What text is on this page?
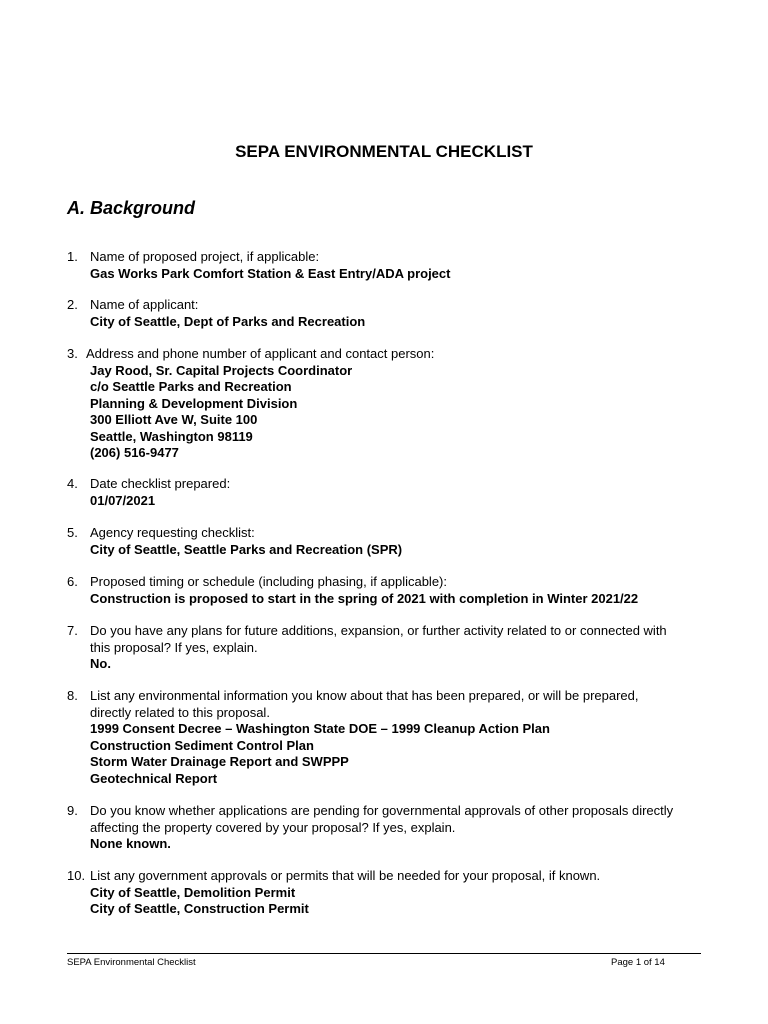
SEPA ENVIRONMENTAL CHECKLIST
A. Background
1. Name of proposed project, if applicable:
Gas Works Park Comfort Station & East Entry/ADA project
2. Name of applicant:
City of Seattle, Dept of Parks and Recreation
3. Address and phone number of applicant and contact person:
Jay Rood, Sr. Capital Projects Coordinator
c/o Seattle Parks and Recreation
Planning & Development Division
300 Elliott Ave W, Suite 100
Seattle, Washington 98119
(206) 516-9477
4. Date checklist prepared:
01/07/2021
5. Agency requesting checklist:
City of Seattle, Seattle Parks and Recreation (SPR)
6. Proposed timing or schedule (including phasing, if applicable):
Construction is proposed to start in the spring of 2021 with completion in Winter 2021/22
7. Do you have any plans for future additions, expansion, or further activity related to or connected with
this proposal? If yes, explain.
No.
8. List any environmental information you know about that has been prepared, or will be prepared,
directly related to this proposal.
1999 Consent Decree – Washington State DOE – 1999 Cleanup Action Plan
Construction Sediment Control Plan
Storm Water Drainage Report and SWPPP
Geotechnical Report
9. Do you know whether applications are pending for governmental approvals of other proposals directly
affecting the property covered by your proposal? If yes, explain.
None known.
10. List any government approvals or permits that will be needed for your proposal, if known.
City of Seattle, Demolition Permit
City of Seattle, Construction Permit
SEPA Environmental Checklist	Page 1 of 14
